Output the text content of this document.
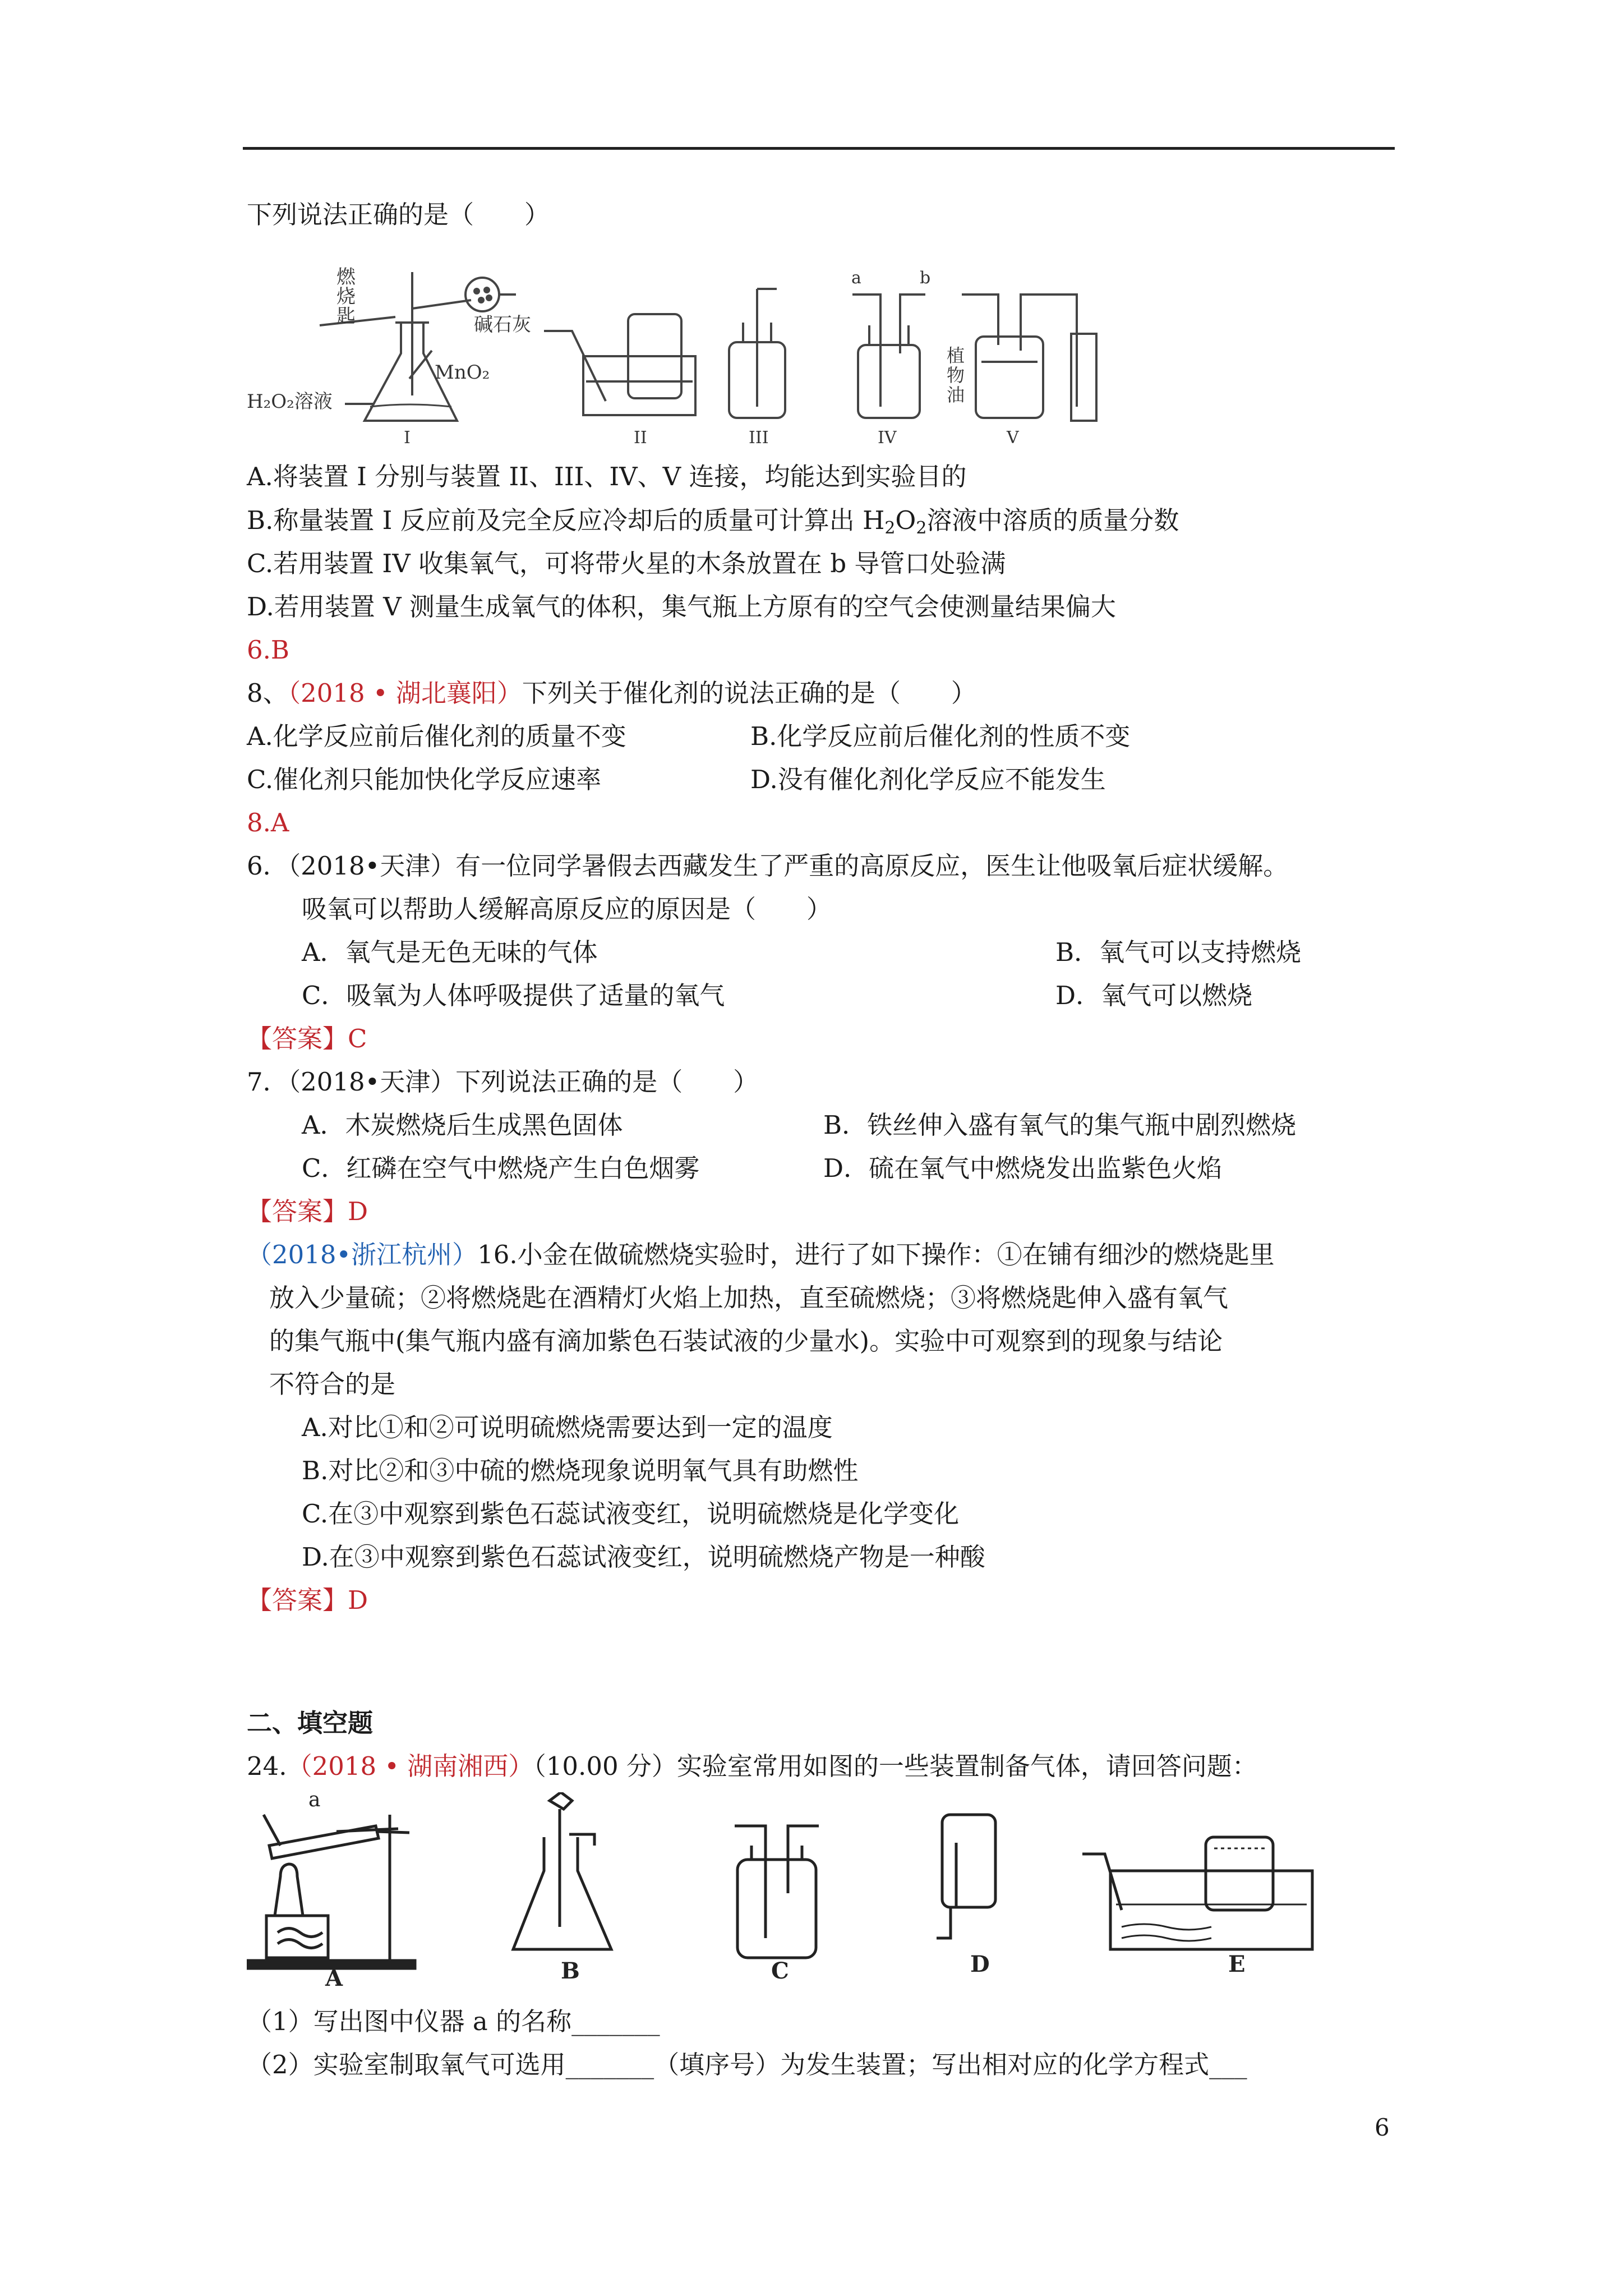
下列说法正确的是（　　）
燃
烧
匙	碱石灰
MnO₂
H₂O₂溶液
植
物
油
a	b
I	II	III	IV	V
A.将装置 I 分别与装置 II、III、IV、V 连接，均能达到实验目的
B.称量装置 I 反应前及完全反应冷却后的质量可计算出 $H_2O_2$溶液中溶质的质量分数
C.若用装置 IV 收集氧气，可将带火星的木条放置在 b 导管口处验满
D.若用装置 V 测量生成氧气的体积，集气瓶上方原有的空气会使测量结果偏大
6.B
8、（2018 • 湖北襄阳）下列关于催化剂的说法正确的是（　　）
A.化学反应前后催化剂的质量不变	B.化学反应前后催化剂的性质不变
C.催化剂只能加快化学反应速率	D.没有催化剂化学反应不能发生
8.A
6．（2018•天津）有一位同学暑假去西藏发生了严重的高原反应，医生让他吸氧后症状缓解。
吸氧可以帮助人缓解高原反应的原因是（　　）
A．氧气是无色无味的气体	B．氧气可以支持燃烧
C．吸氧为人体呼吸提供了适量的氧气	D．氧气可以燃烧
【答案】C
7．（2018•天津）下列说法正确的是（　　）
A．木炭燃烧后生成黑色固体	B．铁丝伸入盛有氧气的集气瓶中剧烈燃烧
C．红磷在空气中燃烧产生白色烟雾	D．硫在氧气中燃烧发出监紫色火焰
【答案】D
（2018•浙江杭州）16.小金在做硫燃烧实验时，进行了如下操作：①在铺有细沙的燃烧匙里
放入少量硫；②将燃烧匙在酒精灯火焰上加热，直至硫燃烧；③将燃烧匙伸入盛有氧气
的集气瓶中(集气瓶内盛有滴加紫色石装试液的少量水)。实验中可观察到的现象与结论
不符合的是
A.对比①和②可说明硫燃烧需要达到一定的温度
B.对比②和③中硫的燃烧现象说明氧气具有助燃性
C.在③中观察到紫色石蕊试液变红，说明硫燃烧是化学变化
D.在③中观察到紫色石蕊试液变红，说明硫燃烧产物是一种酸
【答案】D
二、填空题
24.（2018 • 湖南湘西）（10.00 分）实验室常用如图的一些装置制备气体，请回答问题：
a
A	B	C	D	E
（1）写出图中仪器 a 的名称_______
（2）实验室制取氧气可选用_______（填序号）为发生装置；写出相对应的化学方程式___
6
